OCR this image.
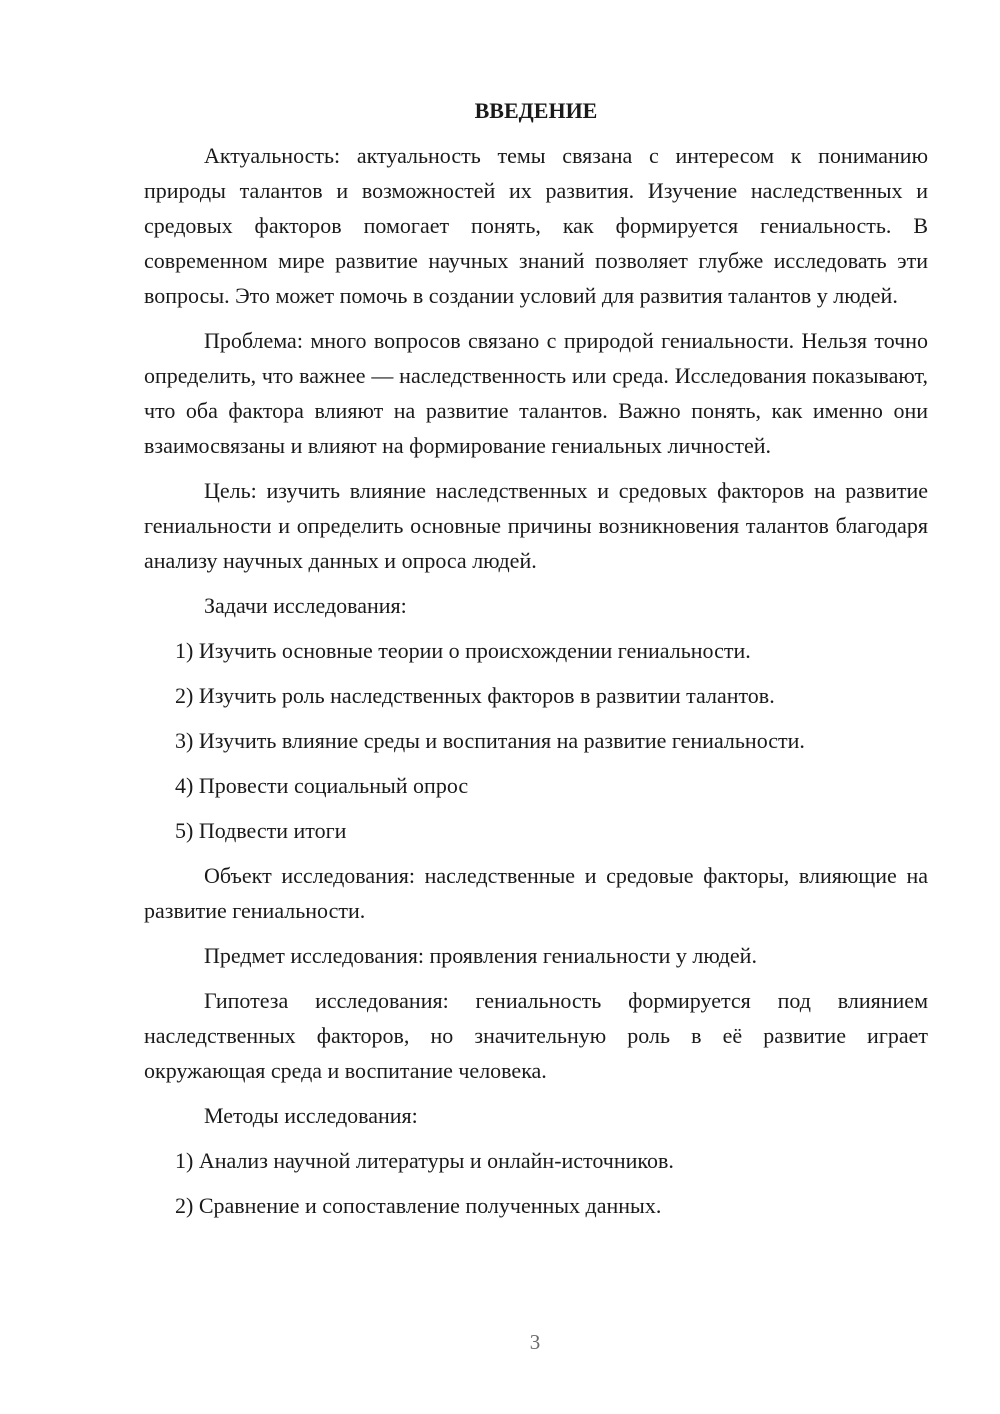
ВВЕДЕНИЕ

Актуальность: актуальность темы связана с интересом к пониманию природы талантов и возможностей их развития. Изучение наследственных и средовых факторов помогает понять, как формируется гениальность. В современном мире развитие научных знаний позволяет глубже исследовать эти вопросы. Это может помочь в создании условий для развития талантов у людей.

Проблема: много вопросов связано с природой гениальности. Нельзя точно определить, что важнее — наследственность или среда. Исследования показывают, что оба фактора влияют на развитие талантов. Важно понять, как именно они взаимосвязаны и влияют на формирование гениальных личностей.

Цель: изучить влияние наследственных и средовых факторов на развитие гениальности и определить основные причины возникновения талантов благодаря анализу научных данных и опроса людей.

Задачи исследования:

1) Изучить основные теории о происхождении гениальности.
2) Изучить роль наследственных факторов в развитии талантов.
3) Изучить влияние среды и воспитания на развитие гениальности.
4) Провести социальный опрос
5) Подвести итоги

Объект исследования: наследственные и средовые факторы, влияющие на развитие гениальности.

Предмет исследования: проявления гениальности у людей.

Гипотеза исследования: гениальность формируется под влиянием наследственных факторов, но значительную роль в её развитие играет окружающая среда и воспитание человека.

Методы исследования:

1) Анализ научной литературы и онлайн-источников.
2) Сравнение и сопоставление полученных данных.
3
